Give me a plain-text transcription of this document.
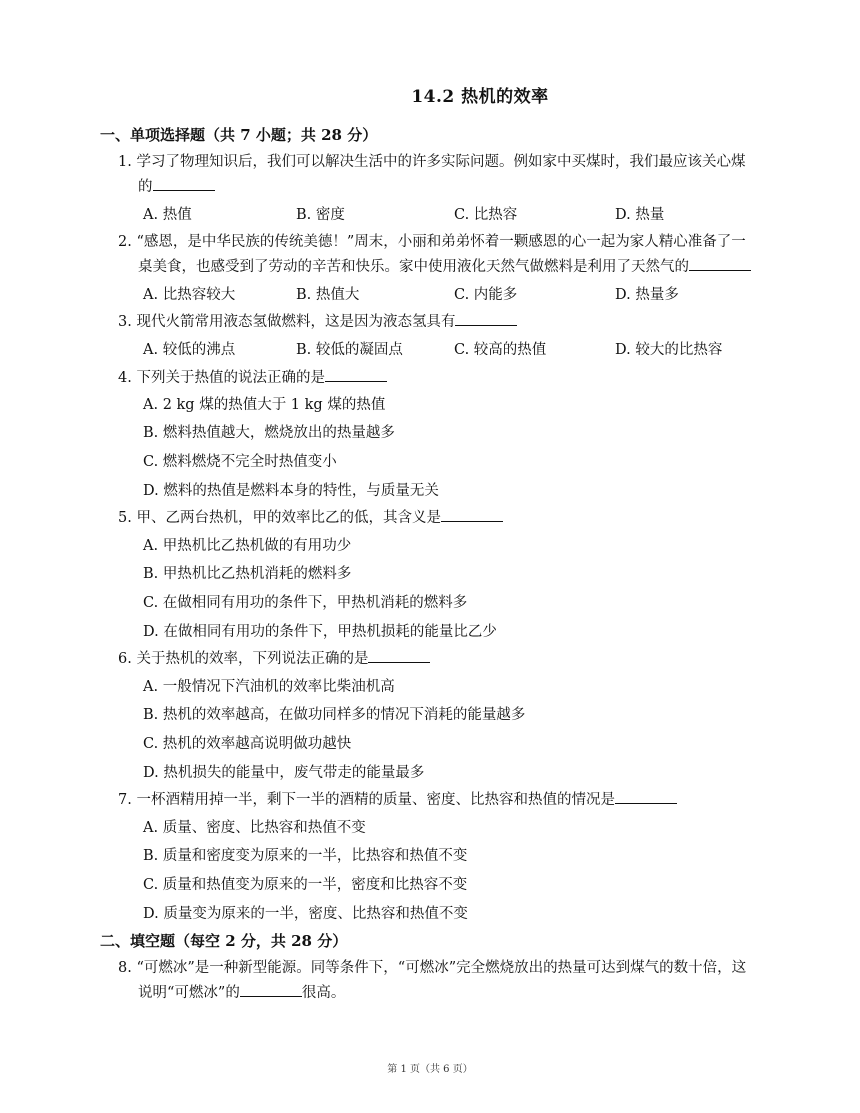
14.2 热机的效率
一、单项选择题（共 7 小题；共 28 分）
1. 学习了物理知识后，我们可以解决生活中的许多实际问题。例如家中买煤时，我们最应该关心煤
的
A. 热值	B. 密度	C. 比热容	D. 热量
2. “感恩，是中华民族的传统美德！”周末，小丽和弟弟怀着一颗感恩的心一起为家人精心准备了一
桌美食，也感受到了劳动的辛苦和快乐。家中使用液化天然气做燃料是利用了天然气的
A. 比热容较大	B. 热值大	C. 内能多	D. 热量多
3. 现代火箭常用液态氢做燃料，这是因为液态氢具有
A. 较低的沸点	B. 较低的凝固点	C. 较高的热值	D. 较大的比热容
4. 下列关于热值的说法正确的是
A. 2 kg 煤的热值大于 1 kg 煤的热值
B. 燃料热值越大，燃烧放出的热量越多
C. 燃料燃烧不完全时热值变小
D. 燃料的热值是燃料本身的特性，与质量无关
5. 甲、乙两台热机，甲的效率比乙的低，其含义是
A. 甲热机比乙热机做的有用功少
B. 甲热机比乙热机消耗的燃料多
C. 在做相同有用功的条件下，甲热机消耗的燃料多
D. 在做相同有用功的条件下，甲热机损耗的能量比乙少
6. 关于热机的效率，下列说法正确的是
A. 一般情况下汽油机的效率比柴油机高
B. 热机的效率越高，在做功同样多的情况下消耗的能量越多
C. 热机的效率越高说明做功越快
D. 热机损失的能量中，废气带走的能量最多
7. 一杯酒精用掉一半，剩下一半的酒精的质量、密度、比热容和热值的情况是
A. 质量、密度、比热容和热值不变
B. 质量和密度变为原来的一半，比热容和热值不变
C. 质量和热值变为原来的一半，密度和比热容不变
D. 质量变为原来的一半，密度、比热容和热值不变
二、填空题（每空 2 分，共 28 分）
8. “可燃冰”是一种新型能源。同等条件下，“可燃冰”完全燃烧放出的热量可达到煤气的数十倍，这
说明“可燃冰”的	很高。
第 1 页（共 6 页）
